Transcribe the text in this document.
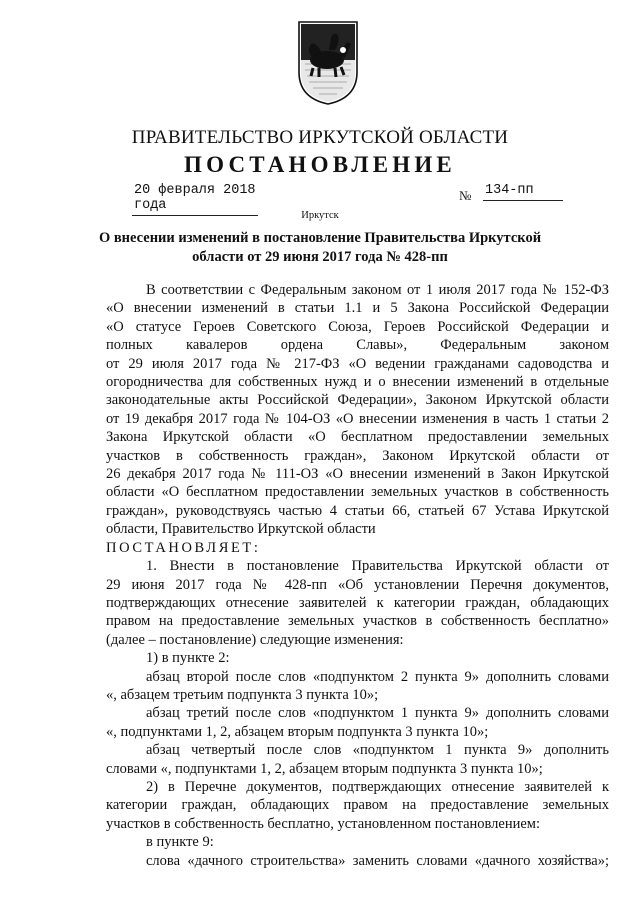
ПРАВИТЕЛЬСТВО ИРКУТСКОЙ ОБЛАСТИ
ПОСТАНОВЛЕНИЕ
20 февраля 2018 года
№ 134-пп
Иркутск
О внесении изменений в постановление Правительства Иркутской
области от 29 июня 2017 года № 428-пп

В соответствии с Федеральным законом от 1 июля 2017 года № 152-ФЗ

«О внесении изменений в статьи 1.1 и 5 Закона Российской Федерации

«О статусе Героев Советского Союза, Героев Российской Федерации и

полных кавалеров ордена Славы», Федеральным законом

от 29 июля 2017 года № 217-ФЗ «О ведении гражданами садоводства и

огородничества для собственных нужд и о внесении изменений в отдельные

законодательные акты Российской Федерации», Законом Иркутской области

от 19 декабря 2017 года № 104-ОЗ «О внесении изменения в часть 1 статьи 2

Закона Иркутской области «О бесплатном предоставлении земельных

участков в собственность граждан», Законом Иркутской области от

26 декабря 2017 года № 111-ОЗ «О внесении изменений в Закон Иркутской

области «О бесплатном предоставлении земельных участков в собственность

граждан», руководствуясь частью 4 статьи 66, статьей 67 Устава Иркутской

области, Правительство Иркутской области

ПОСТАНОВЛЯЕТ:

1. Внести в постановление Правительства Иркутской области от

29 июня 2017 года № 428-пп «Об установлении Перечня документов,

подтверждающих отнесение заявителей к категории граждан, обладающих

правом на предоставление земельных участков в собственность бесплатно»

(далее – постановление) следующие изменения:

1) в пункте 2:

абзац второй после слов «подпунктом 2 пункта 9» дополнить словами

«, абзацем третьим подпункта 3 пункта 10»;

абзац третий после слов «подпунктом 1 пункта 9» дополнить словами

«, подпунктами 1, 2, абзацем вторым подпункта 3 пункта 10»;

абзац четвертый после слов «подпунктом 1 пункта 9» дополнить

словами «, подпунктами 1, 2, абзацем вторым подпункта 3 пункта 10»;

2) в Перечне документов, подтверждающих отнесение заявителей к

категории граждан, обладающих правом на предоставление земельных

участков в собственность бесплатно, установленном постановлением:

в пункте 9:

слова «дачного строительства» заменить словами «дачного хозяйства»;
